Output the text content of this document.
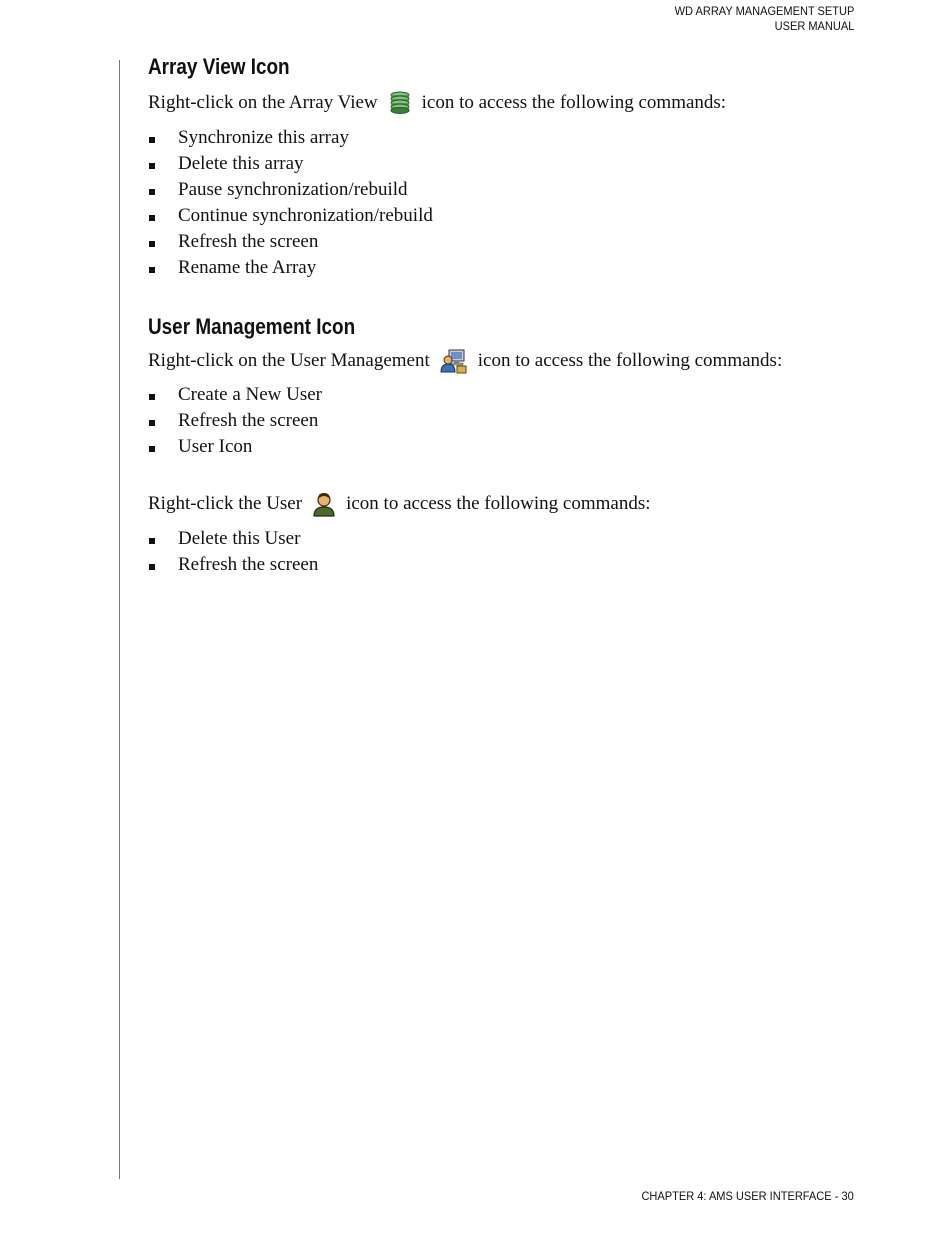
WD ARRAY MANAGEMENT SETUP
USER MANUAL
Array View Icon

Right-click on the Array View icon to access the following commands:

Synchronize this array
Delete this array
Pause synchronization/rebuild
Continue synchronization/rebuild
Refresh the screen
Rename the Array
User Management Icon

Right-click on the User Management	icon to access the following commands:

Create a New User
Refresh the screen
User Icon

Right-click the User icon to access the following commands:

Delete this User
Refresh the screen
CHAPTER 4: AMS USER INTERFACE - 30
